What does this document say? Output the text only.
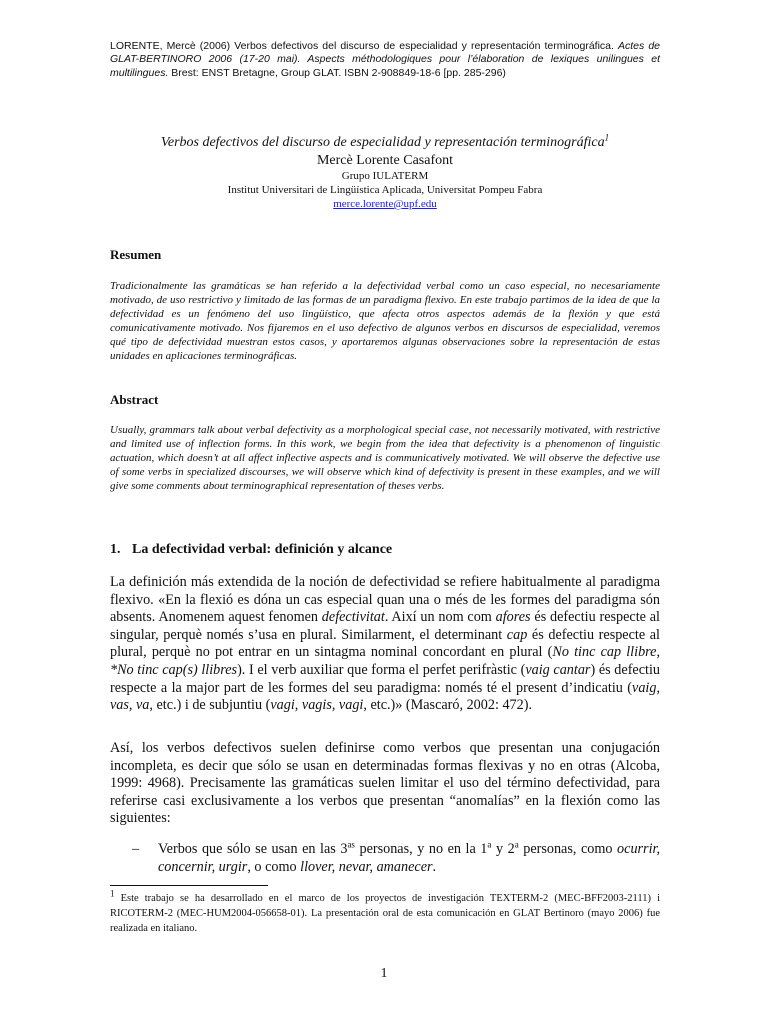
LORENTE, Mercè (2006) Verbos defectivos del discurso de especialidad y representación terminográfica. Actes de GLAT-BERTINORO 2006 (17-20 mai). Aspects méthodologiques pour l’élaboration de lexiques unilingues et multilingues. Brest: ENST Bretagne, Group GLAT. ISBN 2-908849-18-6 [pp. 285-296)
Verbos defectivos del discurso de especialidad y representación terminográfica$^1$
Mercè Lorente Casafont
Grupo IULATERM
Institut Universitari de Lingüística Aplicada, Universitat Pompeu Fabra
merce.lorente@upf.edu
Resumen
Tradicionalmente las gramáticas se han referido a la defectividad verbal como un caso especial, no necesariamente motivado, de uso restrictivo y limitado de las formas de un paradigma flexivo. En este trabajo partimos de la idea de que la defectividad es un fenómeno del uso lingüístico, que afecta otros aspectos además de la flexión y que está comunicativamente motivado. Nos fijaremos en el uso defectivo de algunos verbos en discursos de especialidad, veremos qué tipo de defectividad muestran estos casos, y aportaremos algunas observaciones sobre la representación de estas unidades en aplicaciones terminográficas.
Abstract
Usually, grammars talk about verbal defectivity as a morphological special case, not necessarily motivated, with restrictive and limited use of inflection forms. In this work, we begin from the idea that defectivity is a phenomenon of linguistic actuation, which doesn’t at all affect inflective aspects and is communicatively motivated. We will observe the defective use of some verbs in specialized discourses, we will observe which kind of defectivity is present in these examples, and we will give some comments about terminographical representation of theses verbs.
1. La defectividad verbal: definición y alcance
La definición más extendida de la noción de defectividad se refiere habitualmente al paradigma flexivo. «En la flexió es dóna un cas especial quan una o més de les formes del paradigma són absents. Anomenem aquest fenomen defectivitat. Així un nom com afores és defectiu respecte al singular, perquè només s’usa en plural. Similarment, el determinant cap és defectiu respecte al plural, perquè no pot entrar en un sintagma nominal concordant en plural (No tinc cap llibre, *No tinc cap(s) llibres). I el verb auxiliar que forma el perfet perifràstic (vaig cantar) és defectiu respecte a la major part de les formes del seu paradigma: només té el present d’indicatiu (vaig, vas, va, etc.) i de subjuntiu (vagi, vagis, vagi, etc.)» (Mascaró, 2002: 472).
Así, los verbos defectivos suelen definirse como verbos que presentan una conjugación incompleta, es decir que sólo se usan en determinadas formas flexivas y no en otras (Alcoba, 1999: 4968). Precisamente las gramáticas suelen limitar el uso del término defectividad, para referirse casi exclusivamente a los verbos que presentan “anomalías” en la flexión como las siguientes:
– Verbos que sólo se usan en las $3^{as}$ personas, y no en la 1$^a$ y 2$^a$ personas, como ocurrir, concernir, urgir, o como llover, nevar, amanecer.
$^1$ Este trabajo se ha desarrollado en el marco de los proyectos de investigación TEXTERM-2 (MEC-BFF2003-2111) i RICOTERM-2 (MEC-HUM2004-056658-01). La presentación oral de esta comunicación en GLAT Bertinoro (mayo 2006) fue realizada en italiano.
1
